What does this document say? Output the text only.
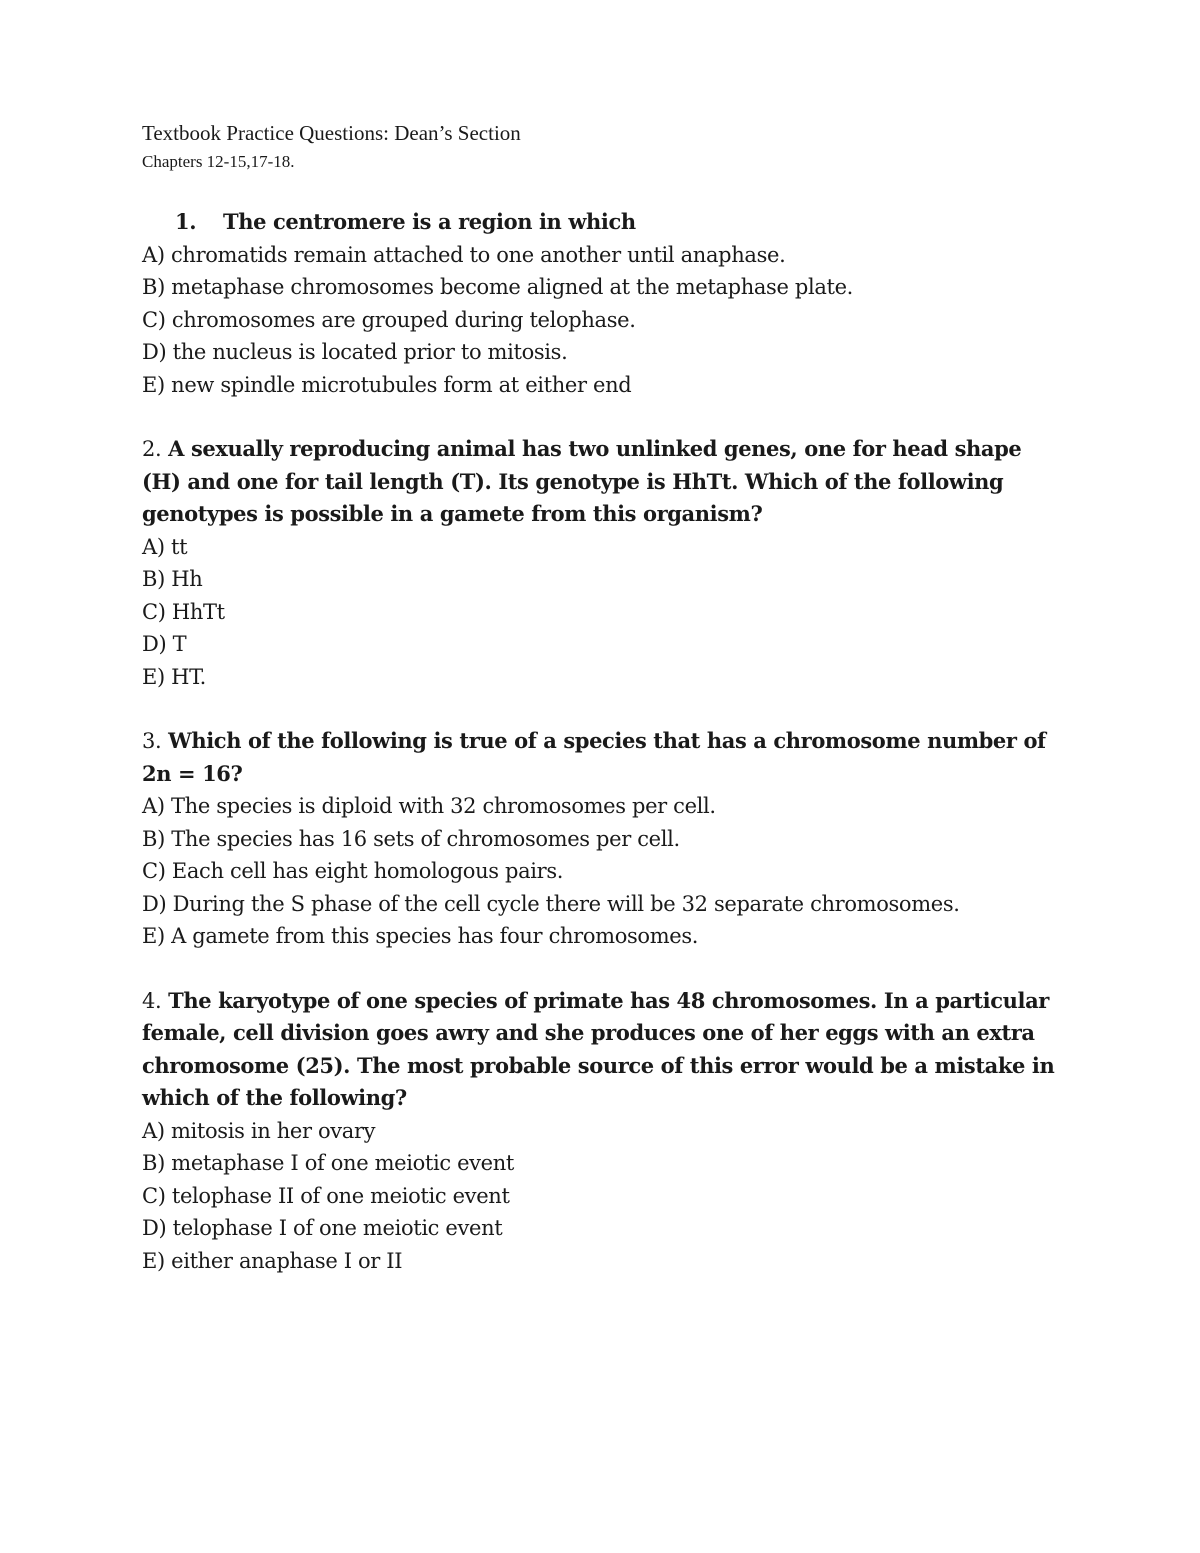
Textbook Practice Questions: Dean’s Section
Chapters 12-15,17-18.
1.	The centromere is a region in which
A) chromatids remain attached to one another until anaphase.
B) metaphase chromosomes become aligned at the metaphase plate.
C) chromosomes are grouped during telophase.
D) the nucleus is located prior to mitosis.
E) new spindle microtubules form at either end
2. A sexually reproducing animal has two unlinked genes, one for head shape (H) and one for tail length (T). Its genotype is HhTt. Which of the following genotypes is possible in a gamete from this organism?
A) tt
B) Hh
C) HhTt
D) T
E) HT.
3. Which of the following is true of a species that has a chromosome number of 2n = 16?
A) The species is diploid with 32 chromosomes per cell.
B) The species has 16 sets of chromosomes per cell.
C) Each cell has eight homologous pairs.
D) During the S phase of the cell cycle there will be 32 separate chromosomes.
E) A gamete from this species has four chromosomes.
4. The karyotype of one species of primate has 48 chromosomes. In a particular female, cell division goes awry and she produces one of her eggs with an extra chromosome (25). The most probable source of this error would be a mistake in which of the following?
A) mitosis in her ovary
B) metaphase I of one meiotic event
C) telophase II of one meiotic event
D) telophase I of one meiotic event
E) either anaphase I or II
